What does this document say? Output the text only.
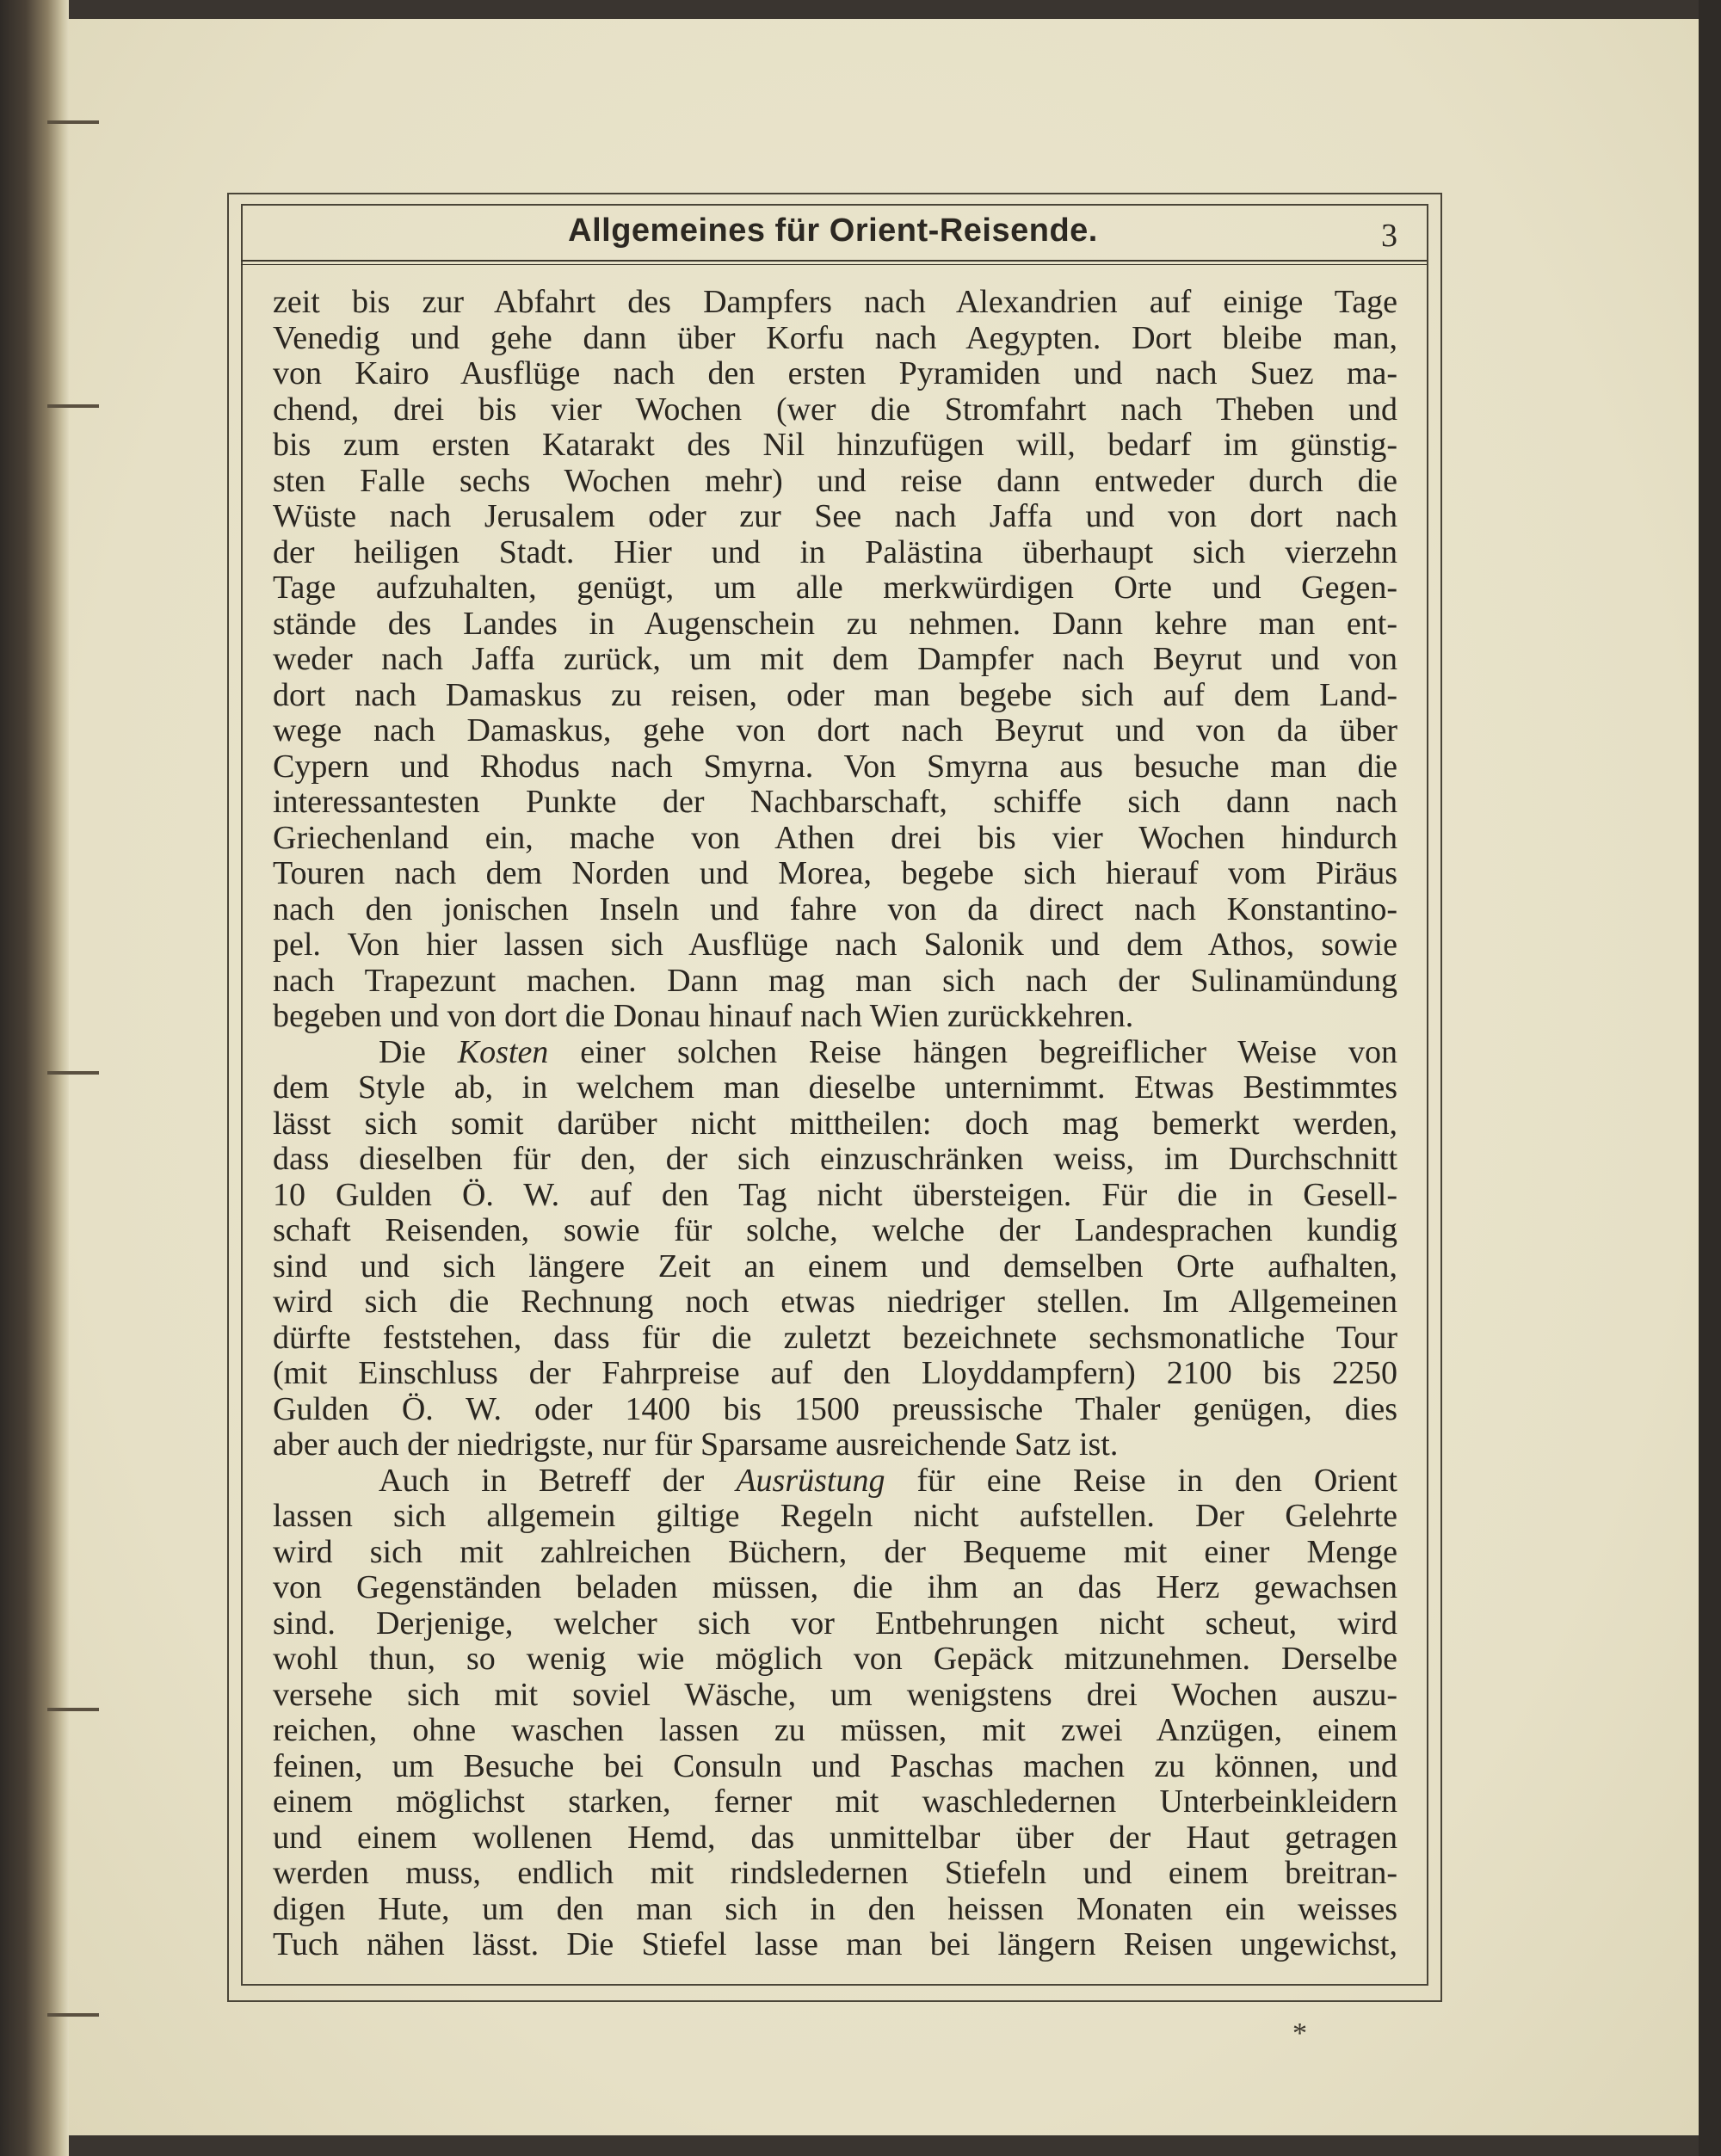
Allgemeines für Orient-Reisende.	3
zeit bis zur Abfahrt des Dampfers nach Alexandrien auf einige Tage
Venedig und gehe dann über Korfu nach Aegypten. Dort bleibe man,
von Kairo Ausflüge nach den ersten Pyramiden und nach Suez ma-
chend, drei bis vier Wochen (wer die Stromfahrt nach Theben und
bis zum ersten Katarakt des Nil hinzufügen will, bedarf im günstig-
sten Falle sechs Wochen mehr) und reise dann entweder durch die
Wüste nach Jerusalem oder zur See nach Jaffa und von dort nach
der heiligen Stadt. Hier und in Palästina überhaupt sich vierzehn
Tage aufzuhalten, genügt, um alle merkwürdigen Orte und Gegen-
stände des Landes in Augenschein zu nehmen. Dann kehre man ent-
weder nach Jaffa zurück, um mit dem Dampfer nach Beyrut und von
dort nach Damaskus zu reisen, oder man begebe sich auf dem Land-
wege nach Damaskus, gehe von dort nach Beyrut und von da über
Cypern und Rhodus nach Smyrna. Von Smyrna aus besuche man die
interessantesten Punkte der Nachbarschaft, schiffe sich dann nach
Griechenland ein, mache von Athen drei bis vier Wochen hindurch
Touren nach dem Norden und Morea, begebe sich hierauf vom Piräus
nach den jonischen Inseln und fahre von da direct nach Konstantino-
pel. Von hier lassen sich Ausflüge nach Salonik und dem Athos, sowie
nach Trapezunt machen. Dann mag man sich nach der Sulinamündung
begeben und von dort die Donau hinauf nach Wien zurückkehren.
Die Kosten einer solchen Reise hängen begreiflicher Weise von
dem Style ab, in welchem man dieselbe unternimmt. Etwas Bestimmtes
lässt sich somit darüber nicht mittheilen: doch mag bemerkt werden,
dass dieselben für den, der sich einzuschränken weiss, im Durchschnitt
10 Gulden Ö. W. auf den Tag nicht übersteigen. Für die in Gesell-
schaft Reisenden, sowie für solche, welche der Landesprachen kundig
sind und sich längere Zeit an einem und demselben Orte aufhalten,
wird sich die Rechnung noch etwas niedriger stellen. Im Allgemeinen
dürfte feststehen, dass für die zuletzt bezeichnete sechsmonatliche Tour
(mit Einschluss der Fahrpreise auf den Lloyddampfern) 2100 bis 2250
Gulden Ö. W. oder 1400 bis 1500 preussische Thaler genügen, dies
aber auch der niedrigste, nur für Sparsame ausreichende Satz ist.
Auch in Betreff der Ausrüstung für eine Reise in den Orient
lassen sich allgemein giltige Regeln nicht aufstellen. Der Gelehrte
wird sich mit zahlreichen Büchern, der Bequeme mit einer Menge
von Gegenständen beladen müssen, die ihm an das Herz gewachsen
sind. Derjenige, welcher sich vor Entbehrungen nicht scheut, wird
wohl thun, so wenig wie möglich von Gepäck mitzunehmen. Derselbe
versehe sich mit soviel Wäsche, um wenigstens drei Wochen auszu-
reichen, ohne waschen lassen zu müssen, mit zwei Anzügen, einem
feinen, um Besuche bei Consuln und Paschas machen zu können, und
einem möglichst starken, ferner mit waschledernen Unterbeinkleidern
und einem wollenen Hemd, das unmittelbar über der Haut getragen
werden muss, endlich mit rindsledernen Stiefeln und einem breitran-
digen Hute, um den man sich in den heissen Monaten ein weisses
Tuch nähen lässt. Die Stiefel lasse man bei längern Reisen ungewichst,
*
